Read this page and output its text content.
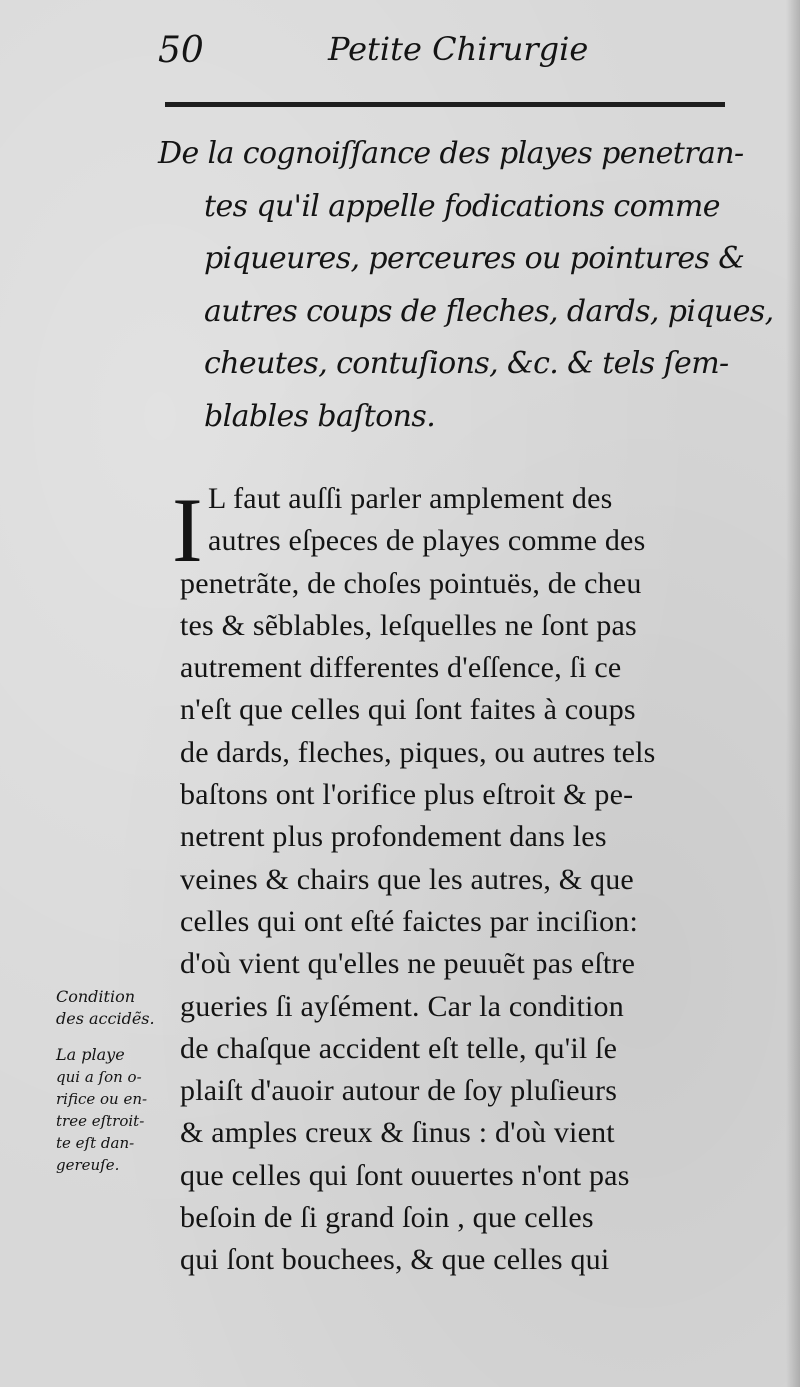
50	Petite Chirurgie
De la cognoiſſance des playes penetran-
tes qu'il appelle fodications comme
piqueures, perceures ou pointures &
autres coups de fleches, dards, piques,
cheutes, contuſions, &c. & tels ſem-
blables baſtons.
I L faut auſſi parler amplement des
autres eſpeces de playes comme des
penetrãte, de choſes pointuës, de cheu
tes & sẽblables, leſquelles ne ſont pas
autrement differentes d'eſſence, ſi ce
n'eſt que celles qui ſont faites à coups
de dards, fleches, piques, ou autres tels
baſtons ont l'orifice plus eſtroit & pe-
netrent plus profondement dans les
veines & chairs que les autres, & que
celles qui ont eſté faictes par inciſion:
d'où vient qu'elles ne peuuẽt pas eſtre
gueries ſi ayſément. Car la condition
de chaſque accident eſt telle, qu'il ſe
plaiſt d'auoir autour de ſoy pluſieurs
& amples creux & ſinus : d'où vient
que celles qui ſont ouuertes n'ont pas
beſoin de ſi grand ſoin , que celles
qui ſont bouchees, & que celles qui
Condition
des accidẽs.
La playe
qui a ſon o-
rifice ou en-
tree eſtroit-
te eſt dan-
gereuſe.
